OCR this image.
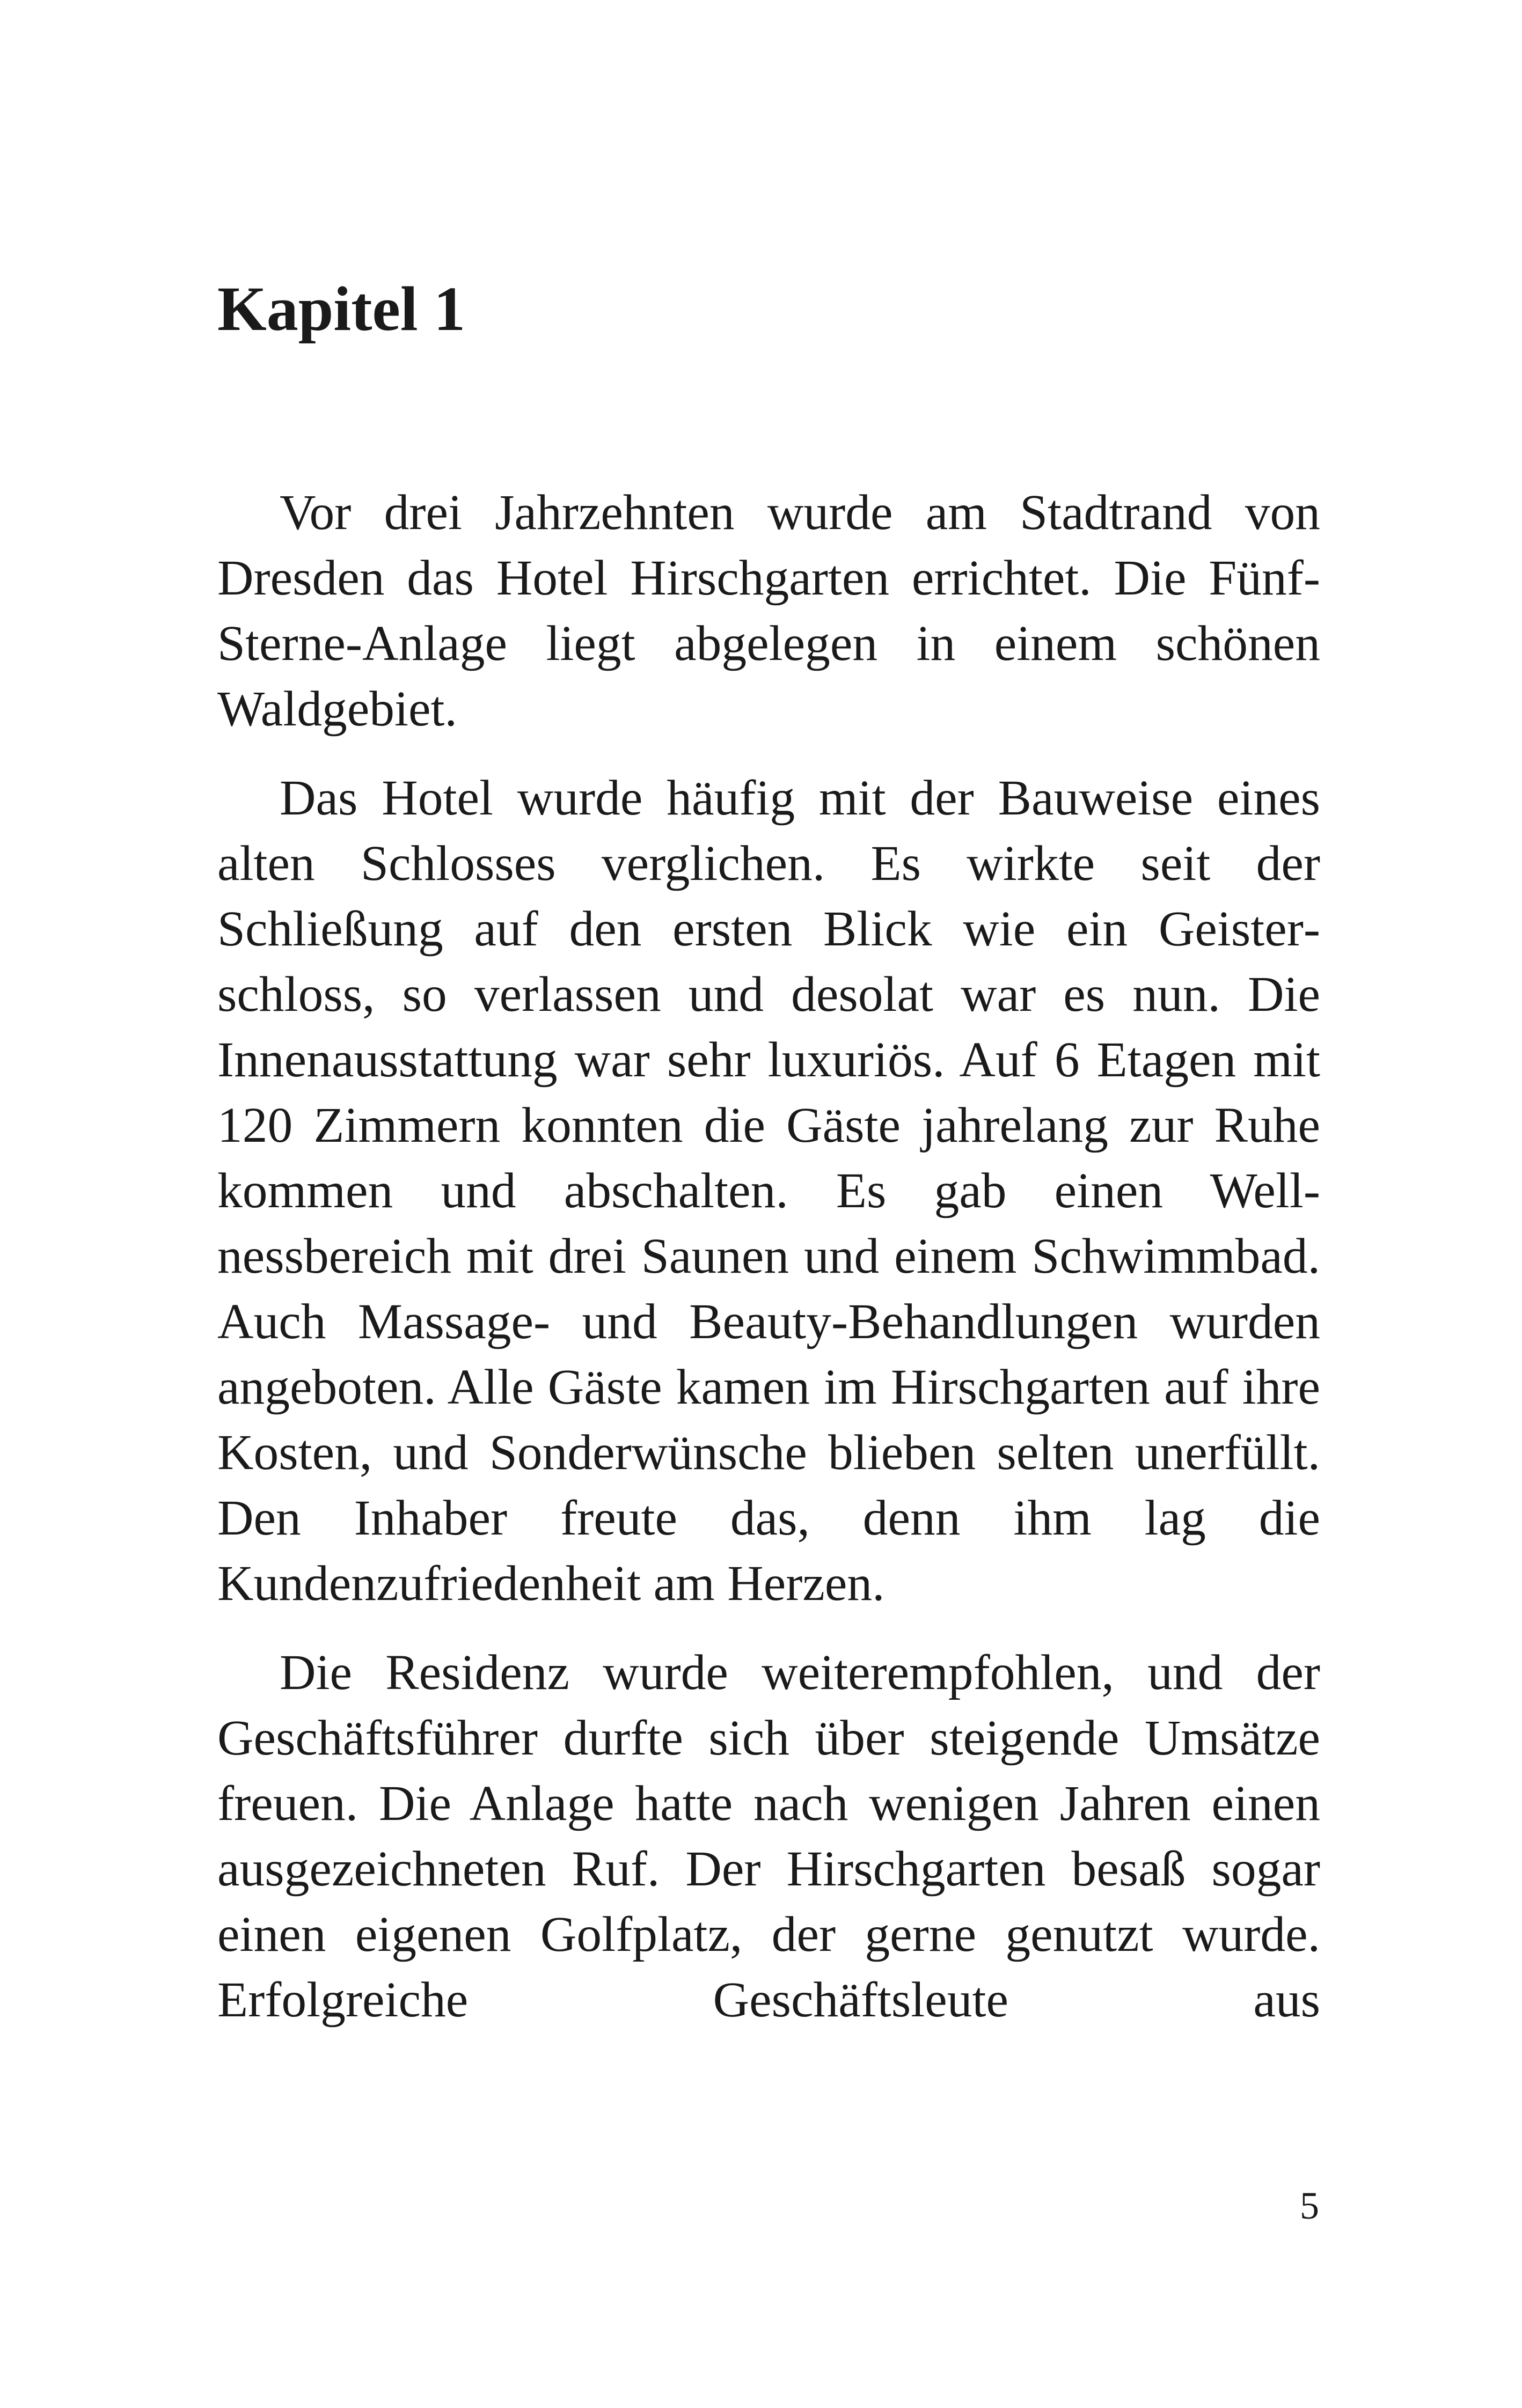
Kapitel 1

Vor drei Jahrzehnten wurde am Stadtrand von Dresden das Hotel Hirschgarten errichtet. Die Fünf-Sterne-Anlage liegt abgelegen in einem schönen Waldgebiet.

Das Hotel wurde häufig mit der Bauweise eines alten Schlosses verglichen. Es wirkte seit der Schließung auf den ersten Blick wie ein Geisterschloss, so verlassen und desolat war es nun. Die Innenausstattung war sehr luxuriös. Auf 6 Etagen mit 120 Zimmern konnten die Gäste jahrelang zur Ruhe kommen und abschalten. Es gab einen Wellnessbereich mit drei Saunen und einem Schwimmbad. Auch Massage- und Beauty-Behandlungen wurden angeboten. Alle Gäste kamen im Hirschgarten auf ihre Kosten, und Sonderwünsche blieben selten unerfüllt. Den Inhaber freute das, denn ihm lag die Kundenzufriedenheit am Herzen.

Die Residenz wurde weiterempfohlen, und der Geschäftsführer durfte sich über steigende Umsätze freuen. Die Anlage hatte nach wenigen Jahren einen ausgezeichneten Ruf. Der Hirschgarten besaß sogar einen eigenen Golfplatz, der gerne genutzt wurde. Erfolgreiche Geschäftsleute aus

5
